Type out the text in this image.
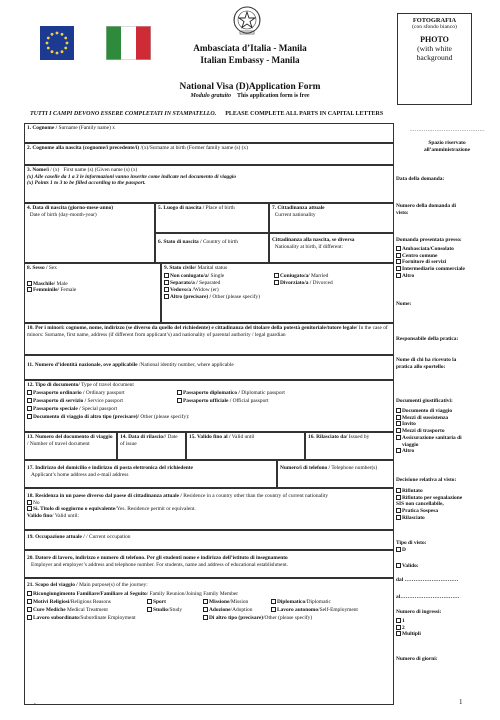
Ambasciata d’Italia - Manila
Italian Embassy - Manila
FOTOGRAFIA
(con sfondo bianco)
PHOTO
(with white
background
National Visa (D)Application Form
Modulo gratuito This application form is free
TUTTI I CAMPI DEVONO ESSERE COMPLETATI IN STAMPATELLO. PLEASE COMPLETE ALL PARTS IN CAPITAL LETTERS
1. Cognome / Surname (Family name) x
2. Cognome alla nascita (cognome/i precedente/i) /(x)/Surname at birth (Former family name (s) (x)
3. Nome/i / (x) First name (s) (Given name (s) (x)
(x) Alle caselle da 1 a 3 le informazioni vanno inserite come indicate nel documento di viaggio
(x) Points 1 to 3 to be filled according to the passport.
4. Data di nascita (giorno-mese-anno)
Date of birth (day-month-year)
5. Luogo di nascita / Place of birth
6. Stato di nascita / Country of birth
7. Cittadinanza attuale
Current nationality
Cittadinanza alla nascita, se diversa
Nationality at birth, if different:
8. Sesso / Sex
Maschile/ Male
Femminile/ Female
9. Stato civile/ Marital status
Non coniugato/a/ Single	Coniugato/a/ Married
Separato/a / Separated	Divorziato/a / Divorced
Vedovo/a /Widow (er)
Altro (precisare) / Other (please specify)
10. Per i minori: cognome, nome, indirizzo (se diverso da quello del richiedente) e cittadinanza del titolare della potestà genitoriale/tutore legale/ In the case of minors: Surname, first name, address (if different from applicant’s) and nationality of parental authority / legal guardian
11. Numero d’identità nazionale, ove applicabile /National identity number, where applicable
12. Tipo di documento/ Type of travel document
Passaporto ordinario / Ordinary passport	Passaporto diplomatico / Diplomatic passport
Passaporto di servizio / Service passport	Passaporto ufficiale / Official passport
Passaporto speciale / Special passport
Documento di viaggio di altro tipo (precisare)/ Other (please specify):
13. Numero del documento di viaggio / Number of travel document
14. Data di rilascio// Date of issue
15. Valido fino al / Valid until	16. Rilasciato da/ Issued by
17. Indirizzo del domicilio e indirizzo di posta elettronica del richiedente
Applicant’s home address and e-mail address
Numero/i di telefono / Telephone number(s)
18. Residenza in un paese diverso dal paese di cittadinanza attuale / Residence in a country other than the country of current nationality
No
Sì. Titolo di soggiorno o equivalente/Yes. Residence permit or equivalent.
Valido fino/ Valid until:
19. Occupazione attuale / / Current occupation
20. Datore di lavoro, indirizzo e numero di telefono. Per gli studenti nome e indirizzo dell’istituto di insegnamento
Employer and employer’s address and telephone number. For students, name and address of educational establishment.
21. Scopo del viaggio / Main purpose(s) of the journey:
Ricongiungimento Familiare/Familiare al Seguito/ Family Reunion/Joining Family Member
Motivi Religiosi/Religious Reasons	Sport	Missione/Mission	Diplomatico/Diplomatic
Cure Mediche Medical Treatment	Studio/Study	Adozione/Adoption	Lavoro autonomo/Self-Employment
Lavoro subordinato/Subordinate Employment	Di altro tipo (precisare)/Other (please specify)
……………………………………
Spazio riservato
all’amministrazione
Data della domanda:
Numero della domanda di
visto:
Domanda presentata presso:
Ambasciata/Consolato
Centro comune
Fornitore di servizi
Intermediario commerciale
Altro
Nome:
Responsabile della pratica:
Nome di chi ha ricevuto la
pratica allo sportello:
Documenti giustificativi:
Documento di viaggio
Mezzi di sussistenza
Invito
Mezzi di trasporto
Assicurazione sanitaria di
viaggio
Altro
Decisione relativa al visto:
Rifiutato
Rifiutato per segnalazione
SIS non cancellabile,
Pratica Sospesa
Rilasciato
Tipo di visto:
D
Valido:
dal …………………………
al……………………………
Numero di ingressi:
1
2
Multipli
Numero di giorni:
.	1
